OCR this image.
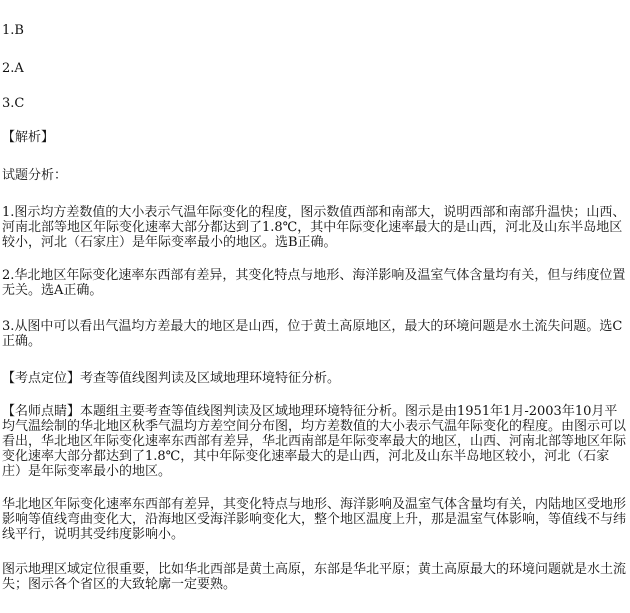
1.B
2.A
3.C
【解析】
试题分析：
1.图示均方差数值的大小表示气温年际变化的程度，图示数值西部和南部大，说明西部和南部升温快；山西、河南北部等地区年际变化速率大部分都达到了1.8℃，其中年际变化速率最大的是山西，河北及山东半岛地区较小，河北（石家庄）是年际变率最小的地区。选B正确。
2.华北地区年际变化速率东西部有差异，其变化特点与地形、海洋影响及温室气体含量均有关，但与纬度位置无关。选A正确。
3.从图中可以看出气温均方差最大的地区是山西，位于黄土高原地区，最大的环境问题是水土流失问题。选C正确。
【考点定位】考查等值线图判读及区域地理环境特征分析。
【名师点睛】本题组主要考查等值线图判读及区域地理环境特征分析。图示是由1951年1月-2003年10月平均气温绘制的华北地区秋季气温均方差空间分布图，均方差数值的大小表示气温年际变化的程度。由图示可以看出，华北地区年际变化速率东西部有差异，华北西南部是年际变率最大的地区，山西、河南北部等地区年际变化速率大部分都达到了1.8℃，其中年际变化速率最大的是山西，河北及山东半岛地区较小，河北（石家庄）是年际变率最小的地区。
华北地区年际变化速率东西部有差异，其变化特点与地形、海洋影响及温室气体含量均有关，内陆地区受地形影响等值线弯曲变化大，沿海地区受海洋影响变化大，整个地区温度上升，那是温室气体影响，等值线不与纬线平行，说明其受纬度影响小。
图示地理区域定位很重要，比如华北西部是黄土高原，东部是华北平原；黄土高原最大的环境问题就是水土流失；图示各个省区的大致轮廓一定要熟。
